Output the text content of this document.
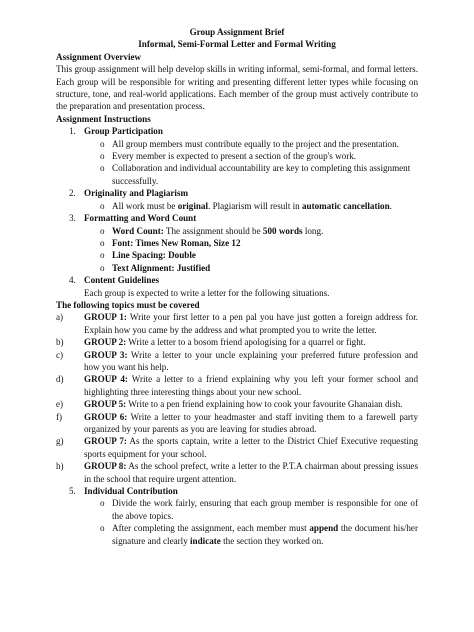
Group Assignment Brief
Informal, Semi-Formal Letter and Formal Writing
Assignment Overview
This group assignment will help develop skills in writing informal, semi-formal, and formal letters. Each group will be responsible for writing and presenting different letter types while focusing on structure, tone, and real-world applications. Each member of the group must actively contribute to the preparation and presentation process.
Assignment Instructions
1. Group Participation
o All group members must contribute equally to the project and the presentation.
o Every member is expected to present a section of the group's work.
o Collaboration and individual accountability are key to completing this assignment successfully.
2. Originality and Plagiarism
o All work must be original. Plagiarism will result in automatic cancellation.
3. Formatting and Word Count
o Word Count: The assignment should be 500 words long.
o Font: Times New Roman, Size 12
o Line Spacing: Double
o Text Alignment: Justified
4. Content Guidelines
Each group is expected to write a letter for the following situations.
The following topics must be covered
a) GROUP 1: Write your first letter to a pen pal you have just gotten a foreign address for. Explain how you came by the address and what prompted you to write the letter.
b) GROUP 2: Write a letter to a bosom friend apologising for a quarrel or fight.
c) GROUP 3: Write a letter to your uncle explaining your preferred future profession and how you want his help.
d) GROUP 4: Write a letter to a friend explaining why you left your former school and highlighting three interesting things about your new school.
e) GROUP 5: Write to a pen friend explaining how to cook your favourite Ghanaian dish.
f) GROUP 6: Write a letter to your headmaster and staff inviting them to a farewell party organized by your parents as you are leaving for studies abroad.
g) GROUP 7: As the sports captain, write a letter to the District Chief Executive requesting sports equipment for your school.
h) GROUP 8: As the school prefect, write a letter to the P.T.A chairman about pressing issues in the school that require urgent attention.
5. Individual Contribution
o Divide the work fairly, ensuring that each group member is responsible for one of the above topics.
o After completing the assignment, each member must append the document his/her signature and clearly indicate the section they worked on.
